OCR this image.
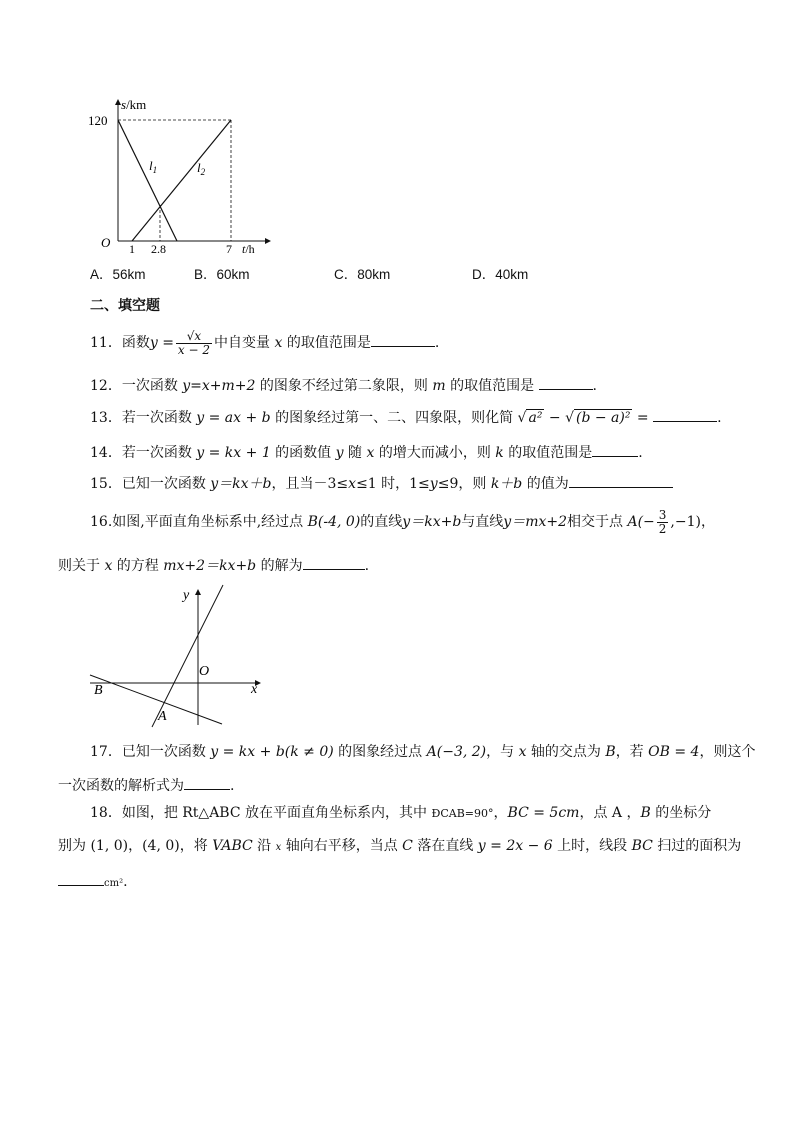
s/km
120
O 1 2.8	7 t/h
$l_1$	$l_2$
A．56km	B．60km	C．80km	D．40km
二、填空题
11．函数$y = \frac{√x}{x - 2}$ 中自变量 x 的取值范围是	.
12．一次函数 y=x+m+2 的图象不经过第二象限，则 m 的取值范围是	.
13．若一次函数 y = ax + b 的图象经过第一、二、四象限，则化简 √ a² − √ (b − a)² =	.
14．若一次函数 y = kx + 1 的函数值 y 随 x 的增大而减小，则 k 的取值范围是	.
15．已知一次函数 y＝kx＋b，且当－3≤x≤1 时，1≤y≤9，则 k＋b 的值为
16.如图,平面直角坐标系中,经过点 B(-4, 0)的直线y＝kx+b与直线y＝mx+2相交于点 $A(- \frac{3}{2} ,-1)$，
则关于 x 的方程 mx+2＝kx+b 的解为	.
y
x
O
B
A
17．已知一次函数 y = kx + b(k ≠ 0) 的图象经过点 A(−3, 2)，与 x 轴的交点为 B，若 OB = 4，则这个
一次函数的解析式为	.
18．如图，把 Rt△ABC 放在平面直角坐标系内，其中 ÐCAB=90°，BC = 5cm，点 A ，B 的坐标分
别为 (1, 0)，(4, 0)，将 VABC 沿 x 轴向右平移，当点 C 落在直线 y = 2x − 6 上时，线段 BC 扫过的面积为
cm².
